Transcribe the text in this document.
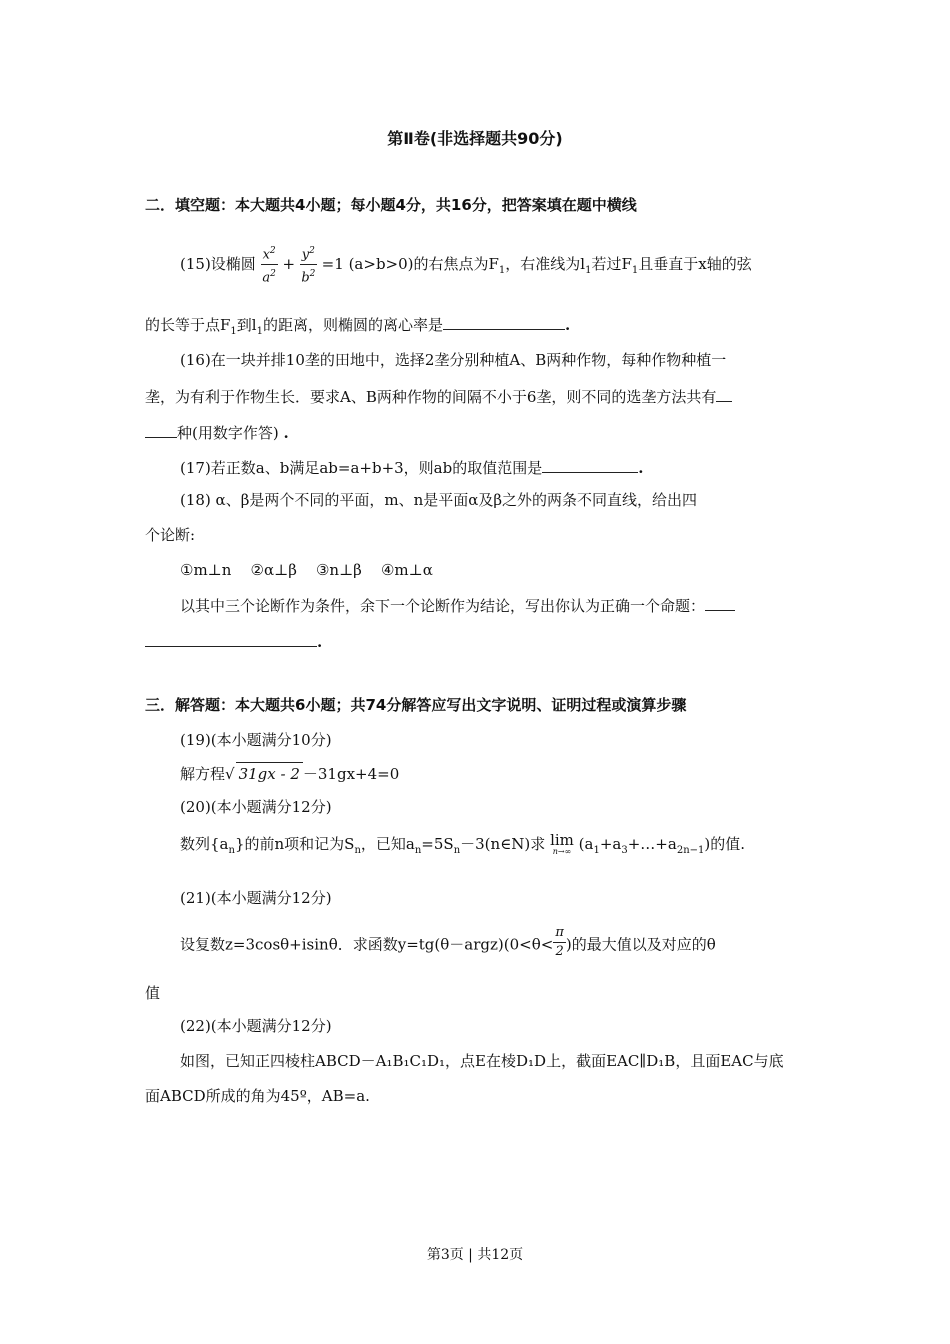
第Ⅱ卷(非选择题共90分)
二．填空题：本大题共4小题；每小题4分，共16分，把答案填在题中横线
(15)设椭圆 $\frac{x^2}{a^2} + \frac{y^2}{b^2} =1$ (a>b>0)的右焦点为$F_1$，右准线为$l_1$若过$F_1$且垂直于x轴的弦
的长等于点$F_1$到$l_1$的距离，则椭圆的离心率是	.
(16)在一块并排10垄的田地中，选择2垄分别种植A、B两种作物，每种作物种植一
垄，为有利于作物生长．要求A、B两种作物的间隔不小于6垄，则不同的选垄方法共有
种(用数字作答) .
(17)若正数a、b满足ab=a+b+3，则ab的取值范围是	.
(18) α、β是两个不同的平面，m、n是平面α及β之外的两条不同直线，给出四
个论断:
①m⊥n ②α⊥β ③n⊥β ④m⊥α
以其中三个论断作为条件，余下一个论断作为结论，写出你认为正确一个命题：
.
三．解答题：本大题共6小题；共74分解答应写出文字说明、证明过程或演算步骤
(19)(本小题满分10分)
解方程√ 31gx - 2 －31gx+4=0
(20)(本小题满分12分)
数列$\{a_n\}$的前n项和记为$S_n$，已知$a_n=5S_n-3(n\in N)$求 lim
n→∞ $(a_1+a_3+\dots+a_{2n-1})$的值.
(21)(本小题满分12分)
设复数z=3cosθ+isinθ．求函数y=tg(θ－argz)(0<θ< $\frac{\pi}{2}$ )的最大值以及对应的θ
值
(22)(本小题满分12分)
如图，已知正四棱柱ABCD－A₁B₁C₁D₁，点E在棱D₁D上，截面EAC∥D₁B，且面EAC与底
面ABCD所成的角为45º，AB=a.
第3页 | 共12页
